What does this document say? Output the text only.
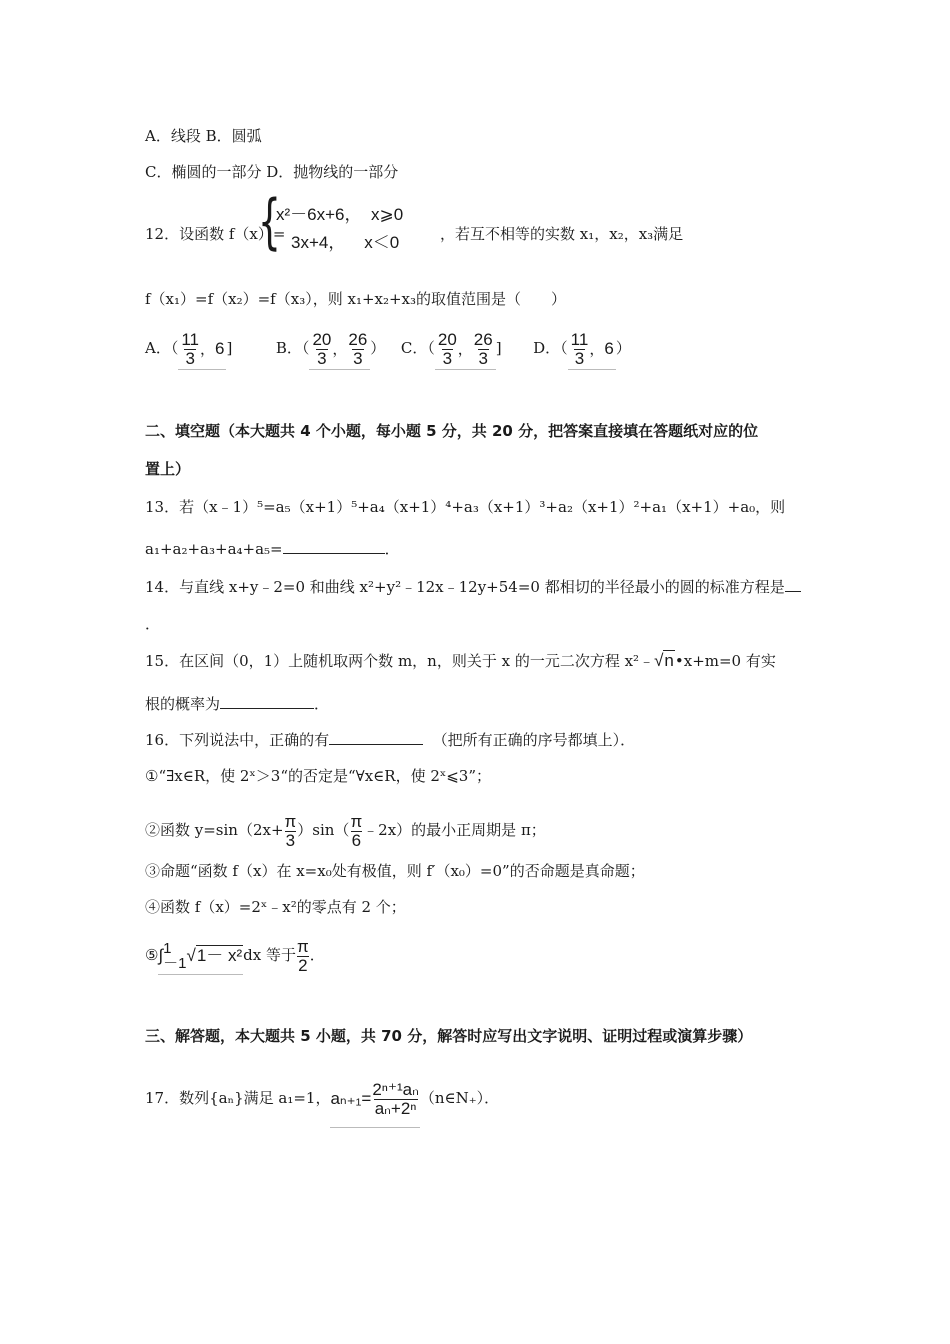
A．线段 B．圆弧
C．椭圆的一部分 D．抛物线的一部分
12．设函数 f（x）=
{
x²－6x+6， x⩾0
3x+4， x＜0	，若互不相等的实数 x₁，x₂，x₃满足
f（x₁）=f（x₂）=f（x₃），则 x₁+x₂+x₃的取值范围是（　　）
A．（ $\frac{11}{3}$ ，6 ]	B．（ $\frac{20}{3}$ ， $\frac{26}{3}$ ） C．（ $\frac{20}{3}$ ， $\frac{26}{3}$ ] D．（ $\frac{11}{3}$ ，6 ）
二、填空题（本大题共 4 个小题，每小题 5 分，共 20 分，把答案直接填在答题纸对应的位
置上）
13．若（x﹣1）⁵=a₅（x+1）⁵+a₄（x+1）⁴+a₃（x+1）³+a₂（x+1）²+a₁（x+1）+a₀，则
a₁+a₂+a₃+a₄+a₅=	．
14．与直线 x+y﹣2=0 和曲线 x²+y²﹣12x﹣12y+54=0 都相切的半径最小的圆的标准方程是
．
15．在区间（0，1）上随机取两个数 m，n，则关于 x 的一元二次方程 x²﹣√n•x+m=0 有实
根的概率为	．
16．下列说法中，正确的有	（把所有正确的序号都填上）．
①“∃x∈R，使 2ˣ＞3“的否定是“∀x∈R，使 2ˣ⩽3”；
②函数 $y=\sin(2x+ \frac{\pi}{3} )\sin( \frac{\pi}{6}$ ﹣2x）的最小正周期是 π；
③命题“函数 f（x）在 x=x₀处有极值，则 f′（x₀）=0”的否命题是真命题；
④函数 f（x）=2ˣ﹣x²的零点有 2 个；
⑤∫ 1
－1 √1－ x²dx 等于 $\frac{\pi}{2}$ ．
三、解答题，本大题共 5 小题，共 70 分，解答时应写出文字说明、证明过程或演算步骤）
17．数列{aₙ}满足 a₁=1，$a_{n+1}= \frac{\text{2ⁿ⁺¹aₙ}}{\text{aₙ+2ⁿ}}$ （n∈N₊）．
